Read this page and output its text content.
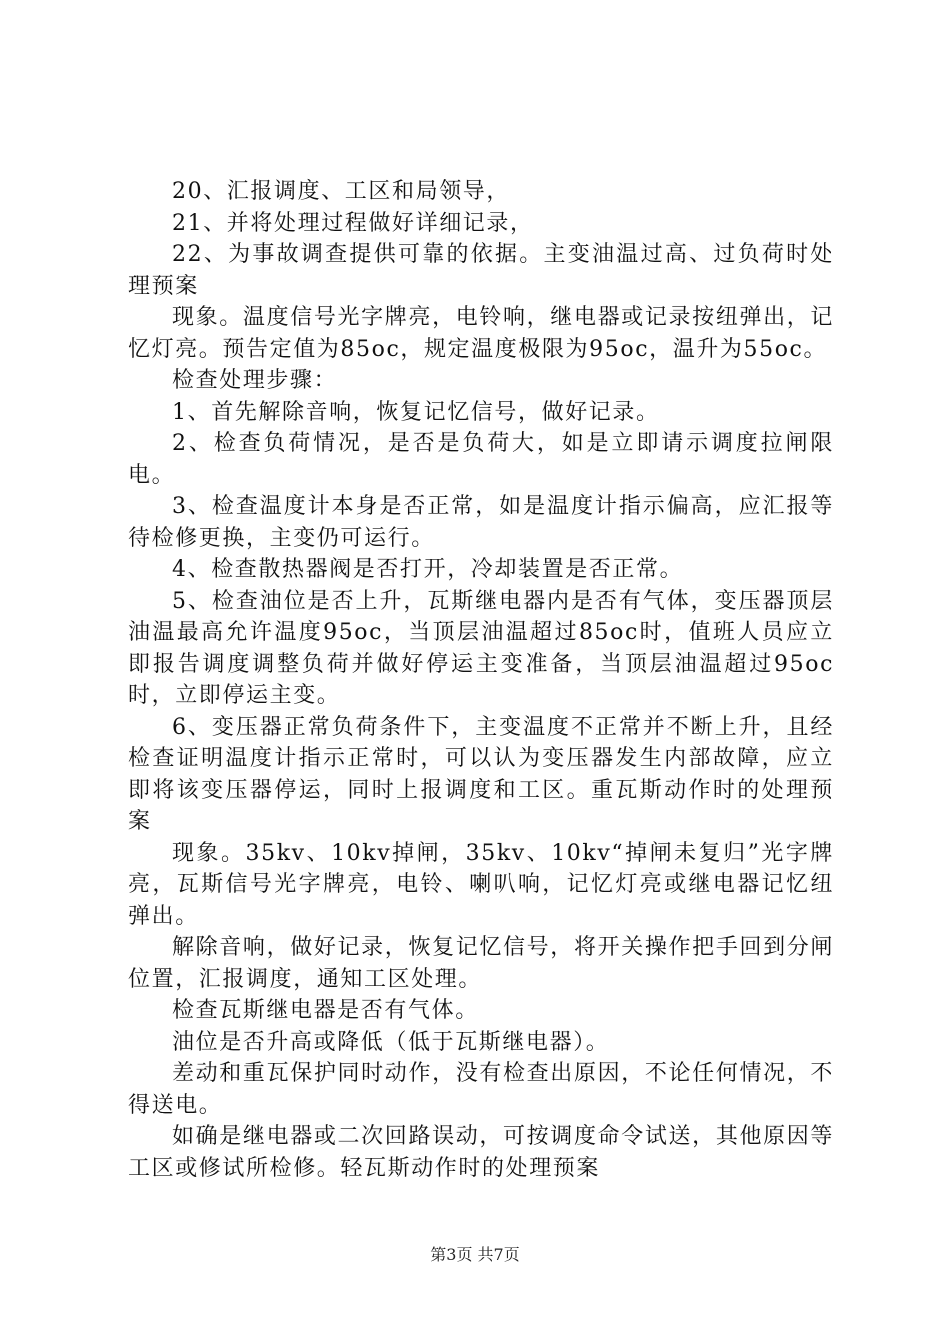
20、汇报调度、工区和局领导，

21、并将处理过程做好详细记录，

22、为事故调查提供可靠的依据。主变油温过高、过负荷时处理预案

现象。温度信号光字牌亮，电铃响，继电器或记录按纽弹出，记忆灯亮。预告定值为85oc，规定温度极限为95oc，温升为55oc。

检查处理步骤：

1、首先解除音响，恢复记忆信号，做好记录。

2、检查负荷情况，是否是负荷大，如是立即请示调度拉闸限电。

3、检查温度计本身是否正常，如是温度计指示偏高，应汇报等待检修更换，主变仍可运行。

4、检查散热器阀是否打开，冷却装置是否正常。

5、检查油位是否上升，瓦斯继电器内是否有气体，变压器顶层油温最高允许温度95oc，当顶层油温超过85oc时，值班人员应立即报告调度调整负荷并做好停运主变准备，当顶层油温超过95oc时，立即停运主变。

6、变压器正常负荷条件下，主变温度不正常并不断上升，且经检查证明温度计指示正常时，可以认为变压器发生内部故障，应立即将该变压器停运，同时上报调度和工区。重瓦斯动作时的处理预案

现象。35kv、10kv掉闸，35kv、10kv“掉闸未复归”光字牌亮，瓦斯信号光字牌亮，电铃、喇叭响，记忆灯亮或继电器记忆纽弹出。

解除音响，做好记录，恢复记忆信号，将开关操作把手回到分闸位置，汇报调度，通知工区处理。

检查瓦斯继电器是否有气体。

油位是否升高或降低（低于瓦斯继电器）。

差动和重瓦保护同时动作，没有检查出原因，不论任何情况，不得送电。

如确是继电器或二次回路误动，可按调度命令试送，其他原因等工区或修试所检修。轻瓦斯动作时的处理预案

第3页 共7页
